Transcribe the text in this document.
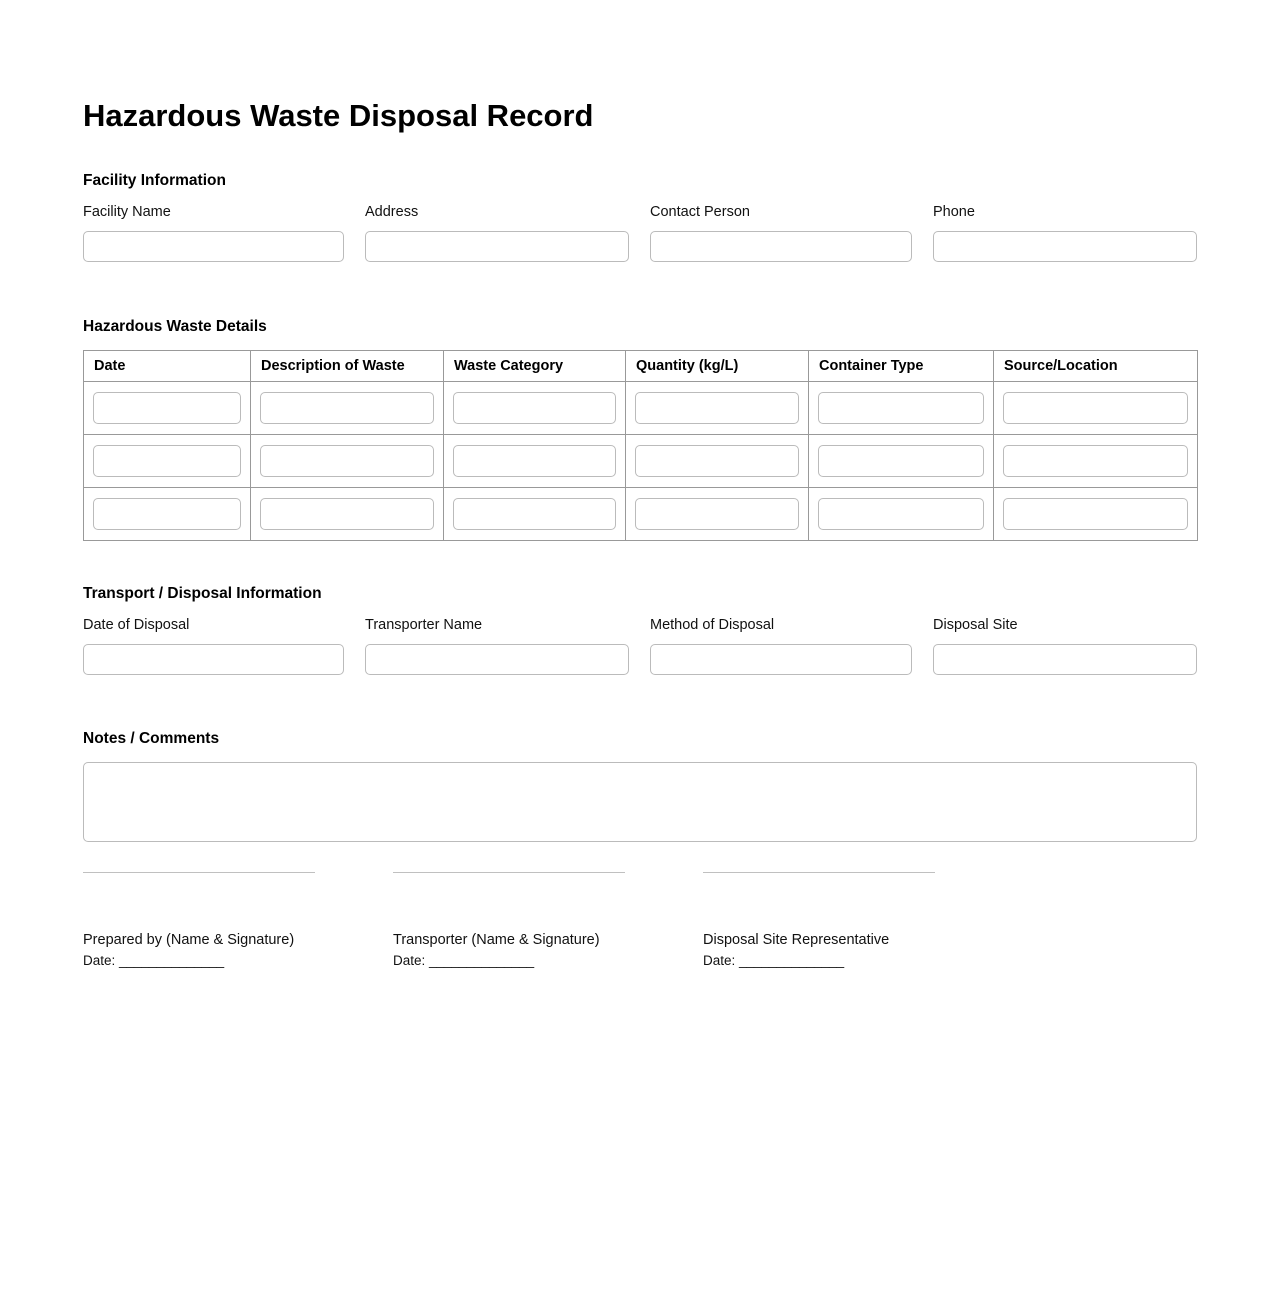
Hazardous Waste Disposal Record
Facility Information
Facility Name	Address	Contact Person	Phone
Hazardous Waste Details
Date	Description of Waste	Waste Category	Quantity (kg/L)	Container Type	Source/Location

Transport / Disposal Information
Date of Disposal	Transporter Name	Method of Disposal	Disposal Site
Notes / Comments
Prepared by (Name & Signature)
Date: ______________
Transporter (Name & Signature)
Date: ______________
Disposal Site Representative
Date: ______________
